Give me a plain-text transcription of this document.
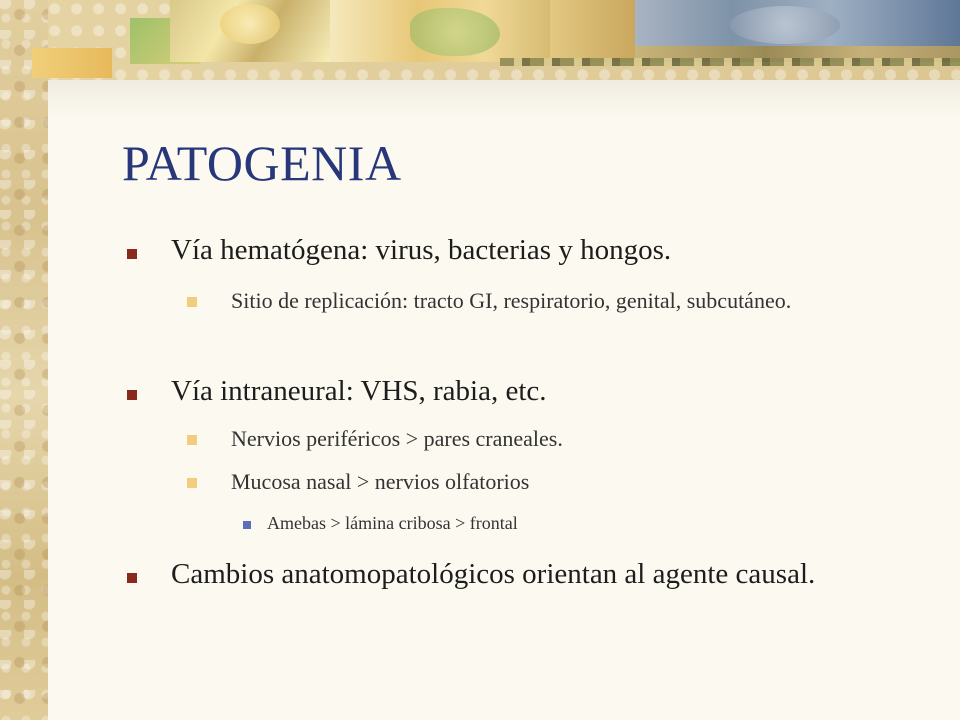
PATOGENIA
Vía hematógena: virus, bacterias y hongos.
Sitio de replicación: tracto GI, respiratorio, genital, subcutáneo.
Vía intraneural: VHS, rabia, etc.
Nervios periféricos > pares craneales.
Mucosa nasal > nervios olfatorios
Amebas > lámina cribosa > frontal
Cambios anatomopatológicos orientan al agente causal.
